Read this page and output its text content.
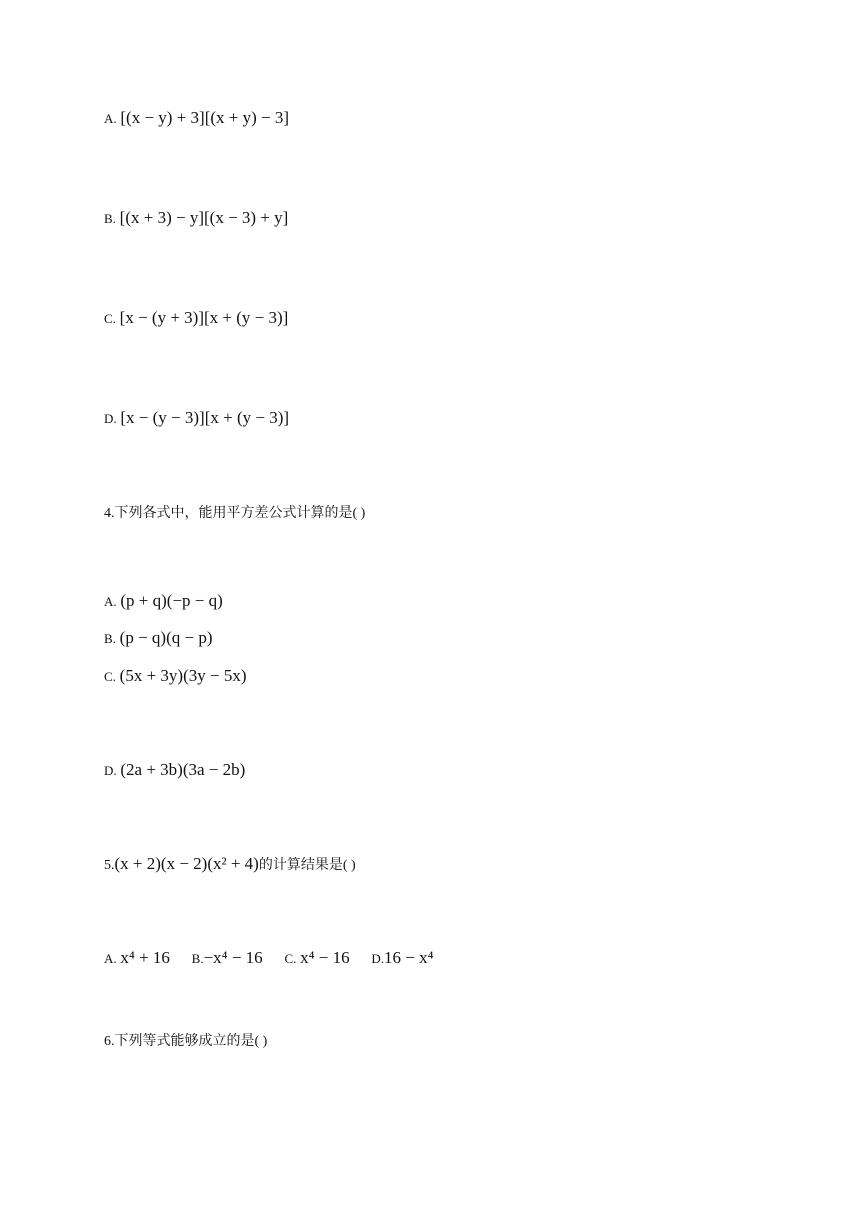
A. [(x − y) + 3][(x + y) − 3]
B. [(x + 3) − y][(x − 3) + y]
C. [x − (y + 3)][x + (y − 3)]
D. [x − (y − 3)][x + (y − 3)]
4.下列各式中，能用平方差公式计算的是( )
A. (p + q)(−p − q)
B. (p − q)(q − p)
C. (5x + 3y)(3y − 5x)
D. (2a + 3b)(3a − 2b)
5.(x + 2)(x − 2)(x² + 4)的计算结果是( )
A. x⁴ + 16 B.−x⁴ − 16 C. x⁴ − 16 D.16 − x⁴
6.下列等式能够成立的是( )
